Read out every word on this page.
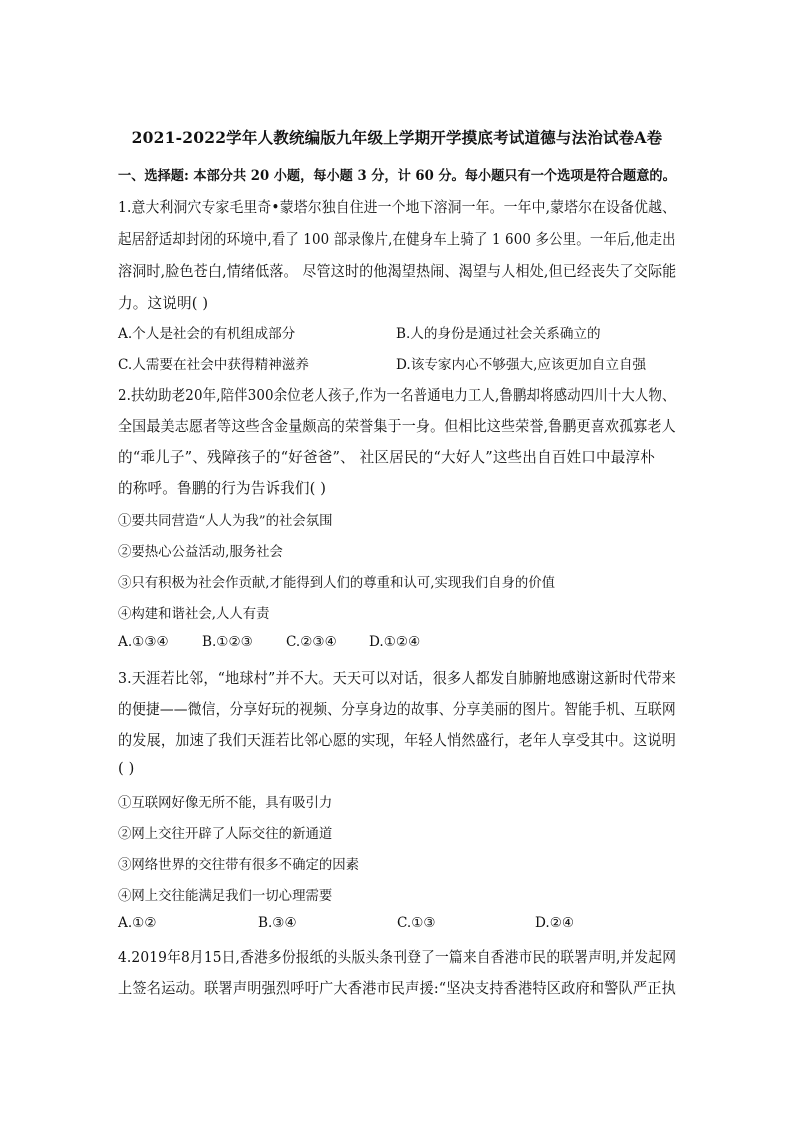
2021-2022学年人教统编版九年级上学期开学摸底考试道德与法治试卷A卷
一、选择题: 本部分共 20 小题，每小题 3 分，计 60 分。每小题只有一个选项是符合题意的。
1.意大利洞穴专家毛里奇•蒙塔尔独自住进一个地下溶洞一年。一年中,蒙塔尔在设备优越、
起居舒适却封闭的环境中,看了 100 部录像片,在健身车上骑了 1 600 多公里。一年后,他走出
溶洞时,脸色苍白,情绪低落。 尽管这时的他渴望热闹、渴望与人相处,但已经丧失了交际能
力。这说明( )
A.个人是社会的有机组成部分	B.人的身份是通过社会关系确立的
C.人需要在社会中获得精神滋养	D.该专家内心不够强大,应该更加自立自强
2.扶幼助老20年,陪伴300余位老人孩子,作为一名普通电力工人,鲁鹏却将感动四川十大人物、
全国最美志愿者等这些含金量颇高的荣誉集于一身。但相比这些荣誉,鲁鹏更喜欢孤寡老人
的“乖儿子”、残障孩子的“好爸爸”、 社区居民的“大好人”这些出自百姓口中最淳朴
的称呼。鲁鹏的行为告诉我们( )
①要共同营造“人人为我”的社会氛围
②要热心公益活动,服务社会
③只有积极为社会作贡献,才能得到人们的尊重和认可,实现我们自身的价值
④构建和谐社会,人人有责
A.①③④ B.①②③ C.②③④ D.①②④
3.天涯若比邻，“地球村”并不大。天天可以对话，很多人都发自肺腑地感谢这新时代带来
的便捷——微信，分享好玩的视频、分享身边的故事、分享美丽的图片。智能手机、互联网
的发展，加速了我们天涯若比邻心愿的实现，年轻人悄然盛行，老年人享受其中。这说明
( )
①互联网好像无所不能，具有吸引力
②网上交往开辟了人际交往的新通道
③网络世界的交往带有很多不确定的因素
④网上交往能满足我们一切心理需要
A.①②	B.③④	C.①③	D.②④
4.2019年8月15日,香港多份报纸的头版头条刊登了一篇来自香港市民的联署声明,并发起网
上签名运动。联署声明强烈呼吁广大香港市民声援:“坚决支持香港特区政府和警队严正执
